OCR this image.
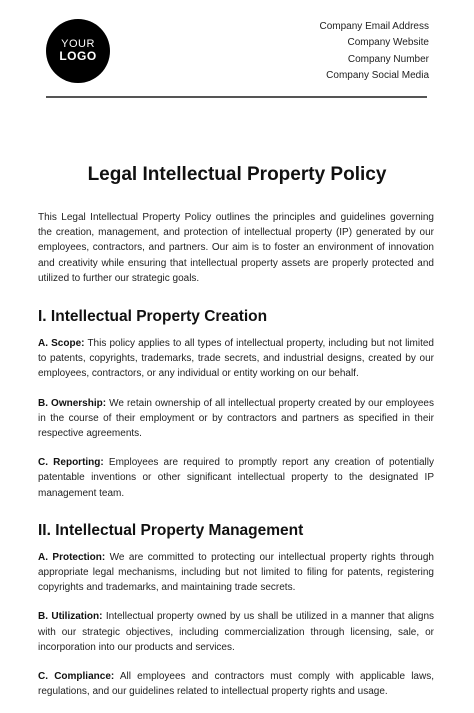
YOUR
LOGO
Company Email Address
Company Website
Company Number
Company Social Media
Legal Intellectual Property Policy

This Legal Intellectual Property Policy outlines the principles and guidelines governing the creation, management, and protection of intellectual property (IP) generated by our employees, contractors, and partners. Our aim is to foster an environment of innovation and creativity while ensuring that intellectual property assets are properly protected and utilized to further our strategic goals.

I. Intellectual Property Creation

A. Scope: This policy applies to all types of intellectual property, including but not limited to patents, copyrights, trademarks, trade secrets, and industrial designs, created by our employees, contractors, or any individual or entity working on our behalf.

B. Ownership: We retain ownership of all intellectual property created by our employees in the course of their employment or by contractors and partners as specified in their respective agreements.

C. Reporting: Employees are required to promptly report any creation of potentially patentable inventions or other significant intellectual property to the designated IP management team.

II. Intellectual Property Management

A. Protection: We are committed to protecting our intellectual property rights through appropriate legal mechanisms, including but not limited to filing for patents, registering copyrights and trademarks, and maintaining trade secrets.

B. Utilization: Intellectual property owned by us shall be utilized in a manner that aligns with our strategic objectives, including commercialization through licensing, sale, or incorporation into our products and services.

C. Compliance: All employees and contractors must comply with applicable laws, regulations, and our guidelines related to intellectual property rights and usage.
